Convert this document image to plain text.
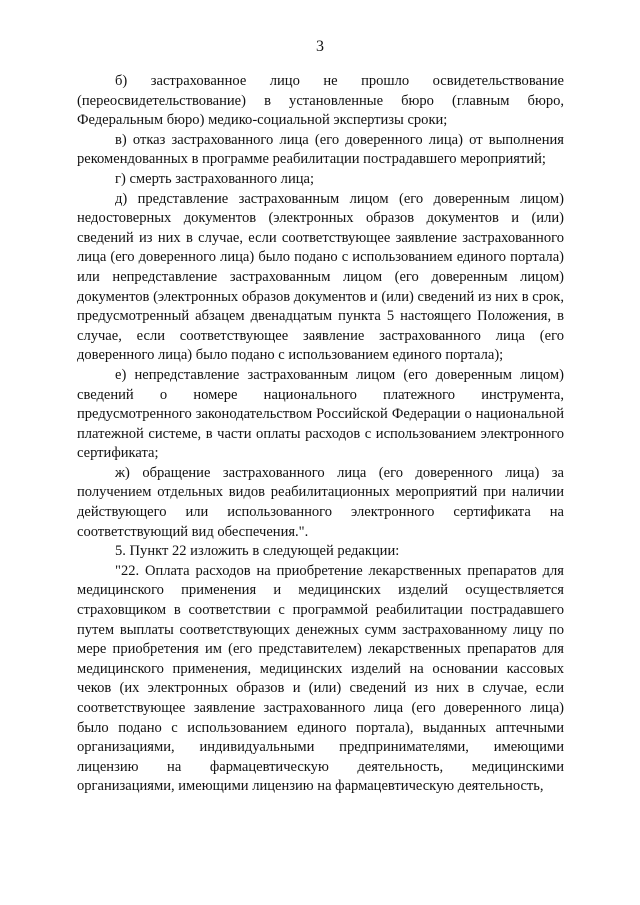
3

б) застрахованное лицо не прошло освидетельствование (переосвидетельствование) в установленные бюро (главным бюро, Федеральным бюро) медико-социальной экспертизы сроки;

в) отказ застрахованного лица (его доверенного лица) от выполнения рекомендованных в программе реабилитации пострадавшего мероприятий;

г) смерть застрахованного лица;

д) представление застрахованным лицом (его доверенным лицом) недостоверных документов (электронных образов документов и (или) сведений из них в случае, если соответствующее заявление застрахованного лица (его доверенного лица) было подано с использованием единого портала) или непредставление застрахованным лицом (его доверенным лицом) документов (электронных образов документов и (или) сведений из них в срок, предусмотренный абзацем двенадцатым пункта 5 настоящего Положения, в случае, если соответствующее заявление застрахованного лица (его доверенного лица) было подано с использованием единого портала);

е) непредставление застрахованным лицом (его доверенным лицом) сведений о номере национального платежного инструмента, предусмотренного законодательством Российской Федерации о национальной платежной системе, в части оплаты расходов с использованием электронного сертификата;

ж) обращение застрахованного лица (его доверенного лица) за получением отдельных видов реабилитационных мероприятий при наличии действующего или использованного электронного сертификата на соответствующий вид обеспечения.".

5. Пункт 22 изложить в следующей редакции:

"22. Оплата расходов на приобретение лекарственных препаратов для медицинского применения и медицинских изделий осуществляется страховщиком в соответствии с программой реабилитации пострадавшего путем выплаты соответствующих денежных сумм застрахованному лицу по мере приобретения им (его представителем) лекарственных препаратов для медицинского применения, медицинских изделий на основании кассовых чеков (их электронных образов и (или) сведений из них в случае, если соответствующее заявление застрахованного лица (его доверенного лица) было подано с использованием единого портала), выданных аптечными организациями, индивидуальными предпринимателями, имеющими лицензию на фармацевтическую деятельность, медицинскими организациями, имеющими лицензию на фармацевтическую деятельность,
